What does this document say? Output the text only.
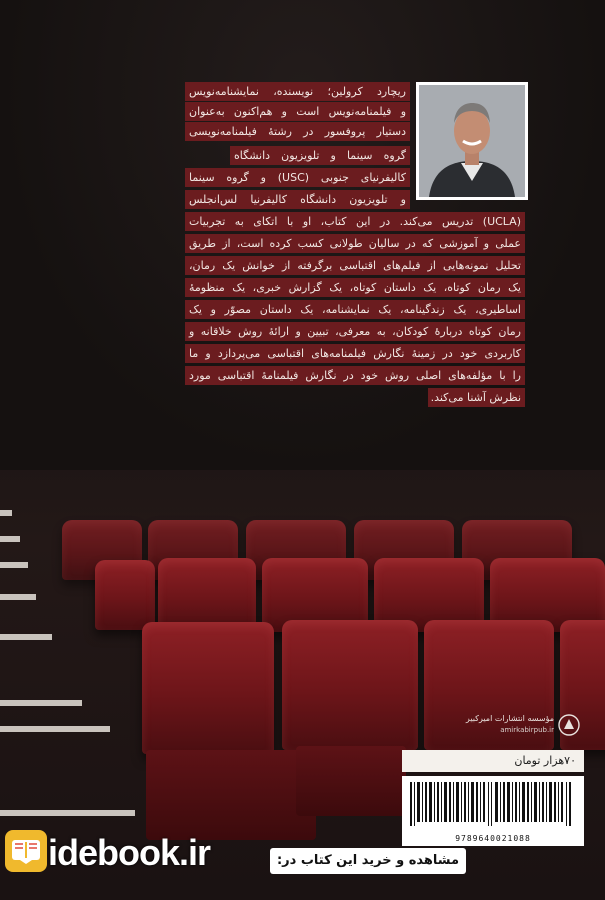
ریچارد کرولین؛ نویسنده، نمایشنامه‌نویس
و فیلمنامه‌نویس است و هم‌اکنون به‌عنوان
دستیار پروفسور در رشتهٔ فیلمنامه‌نویسی
گروه سینما و تلویزیون دانشگاه
کالیفرنیای جنوبی (USC) و گروه سینما
و تلویزیون دانشگاه کالیفرنیا لس‌انجلس
(UCLA) تدریس می‌کند. در این کتاب، او با اتکای به تجربیات
عملی و آموزشی که در سالیان طولانی کسب کرده است، از طریق
تحلیل نمونه‌هایی از فیلم‌های اقتباسی برگرفته از خوانش یک رمان،
یک رمان کوتاه، یک داستان کوتاه، یک گزارش خبری، یک منظومهٔ
اساطیری، یک زندگینامه، یک نمایشنامه، یک داستان مصوّر و یک
رمان کوتاه دربارهٔ کودکان، به معرفی، تبیین و ارائهٔ روش خلاقانه و
کاربردی خود در زمینهٔ نگارش فیلمنامه‌های اقتباسی می‌پردازد و ما
را با مؤلفه‌های اصلی روش خود در نگارش فیلمنامهٔ اقتباسی مورد
نظرش آشنا می‌کند.
مؤسسه انتشارات امیرکبیر
amirkabirpub.ir
۷۰هزار تومان
9789640021088
idebook.ir	مشاهده و خرید این کتاب در:
